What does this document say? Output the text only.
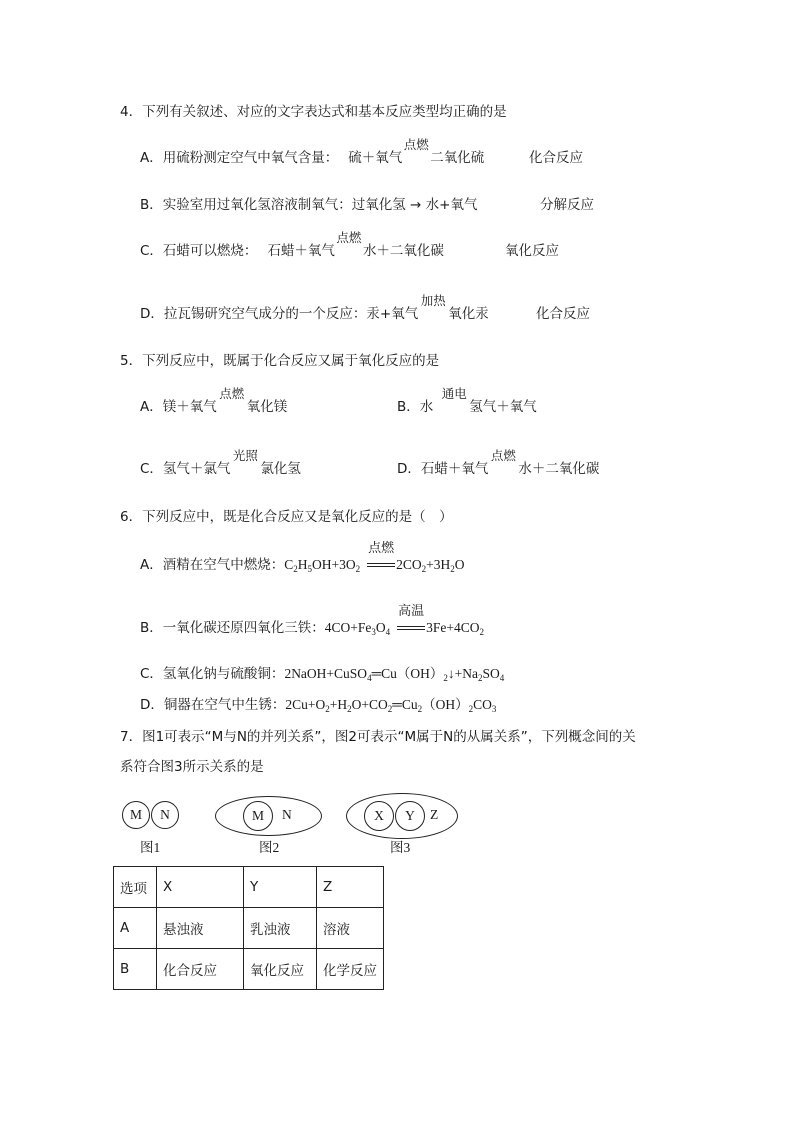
4．下列有关叙述、对应的文字表达式和基本反应类型均正确的是
A．用硫粉测定空气中氧气含量： 硫＋氧气
点燃
二氧化硫	化合反应
B．实验室用过氧化氢溶液制氧气：过氧化氢 → 水+氧气	分解反应
C．石蜡可以燃烧： 石蜡＋氧气
点燃
水＋二氧化碳	氧化反应
D．拉瓦锡研究空气成分的一个反应：汞+氧气
加热
氧化汞	化合反应
5．下列反应中，既属于化合反应又属于氧化反应的是
A．镁＋氧气
点燃
氧化镁	B．水
通电
氢气＋氧气
C．氢气＋氯气
光照
氯化氢	D．石蜡＋氧气
点燃
水＋二氧化碳
6．下列反应中，既是化合反应又是氧化反应的是（　）
A．酒精在空气中燃烧：$C_2H_5OH+3O_2$
点燃
$2CO_2+3H_2O$
B．一氧化碳还原四氧化三铁：$4CO+Fe_3O_4$
高温
$3Fe+4CO_2$
C．氢氧化钠与硫酸铜：$2NaOH+CuSO_4═Cu(OH)_2↓+Na_2SO_4$
D．铜器在空气中生锈：$2Cu+O_2+H_2O+CO_2═Cu_2(OH)_2CO_3$
7．图1可表示“M与N的并列关系”，图2可表示“M属于N的从属关系”，下列概念间的关
系符合图3所示关系的是
M N
图1
M N
图2
X Y Z
图3
选项	X	Y	Z
A	悬浊液	乳浊液	溶液
B	化合反应	氧化反应	化学反应
